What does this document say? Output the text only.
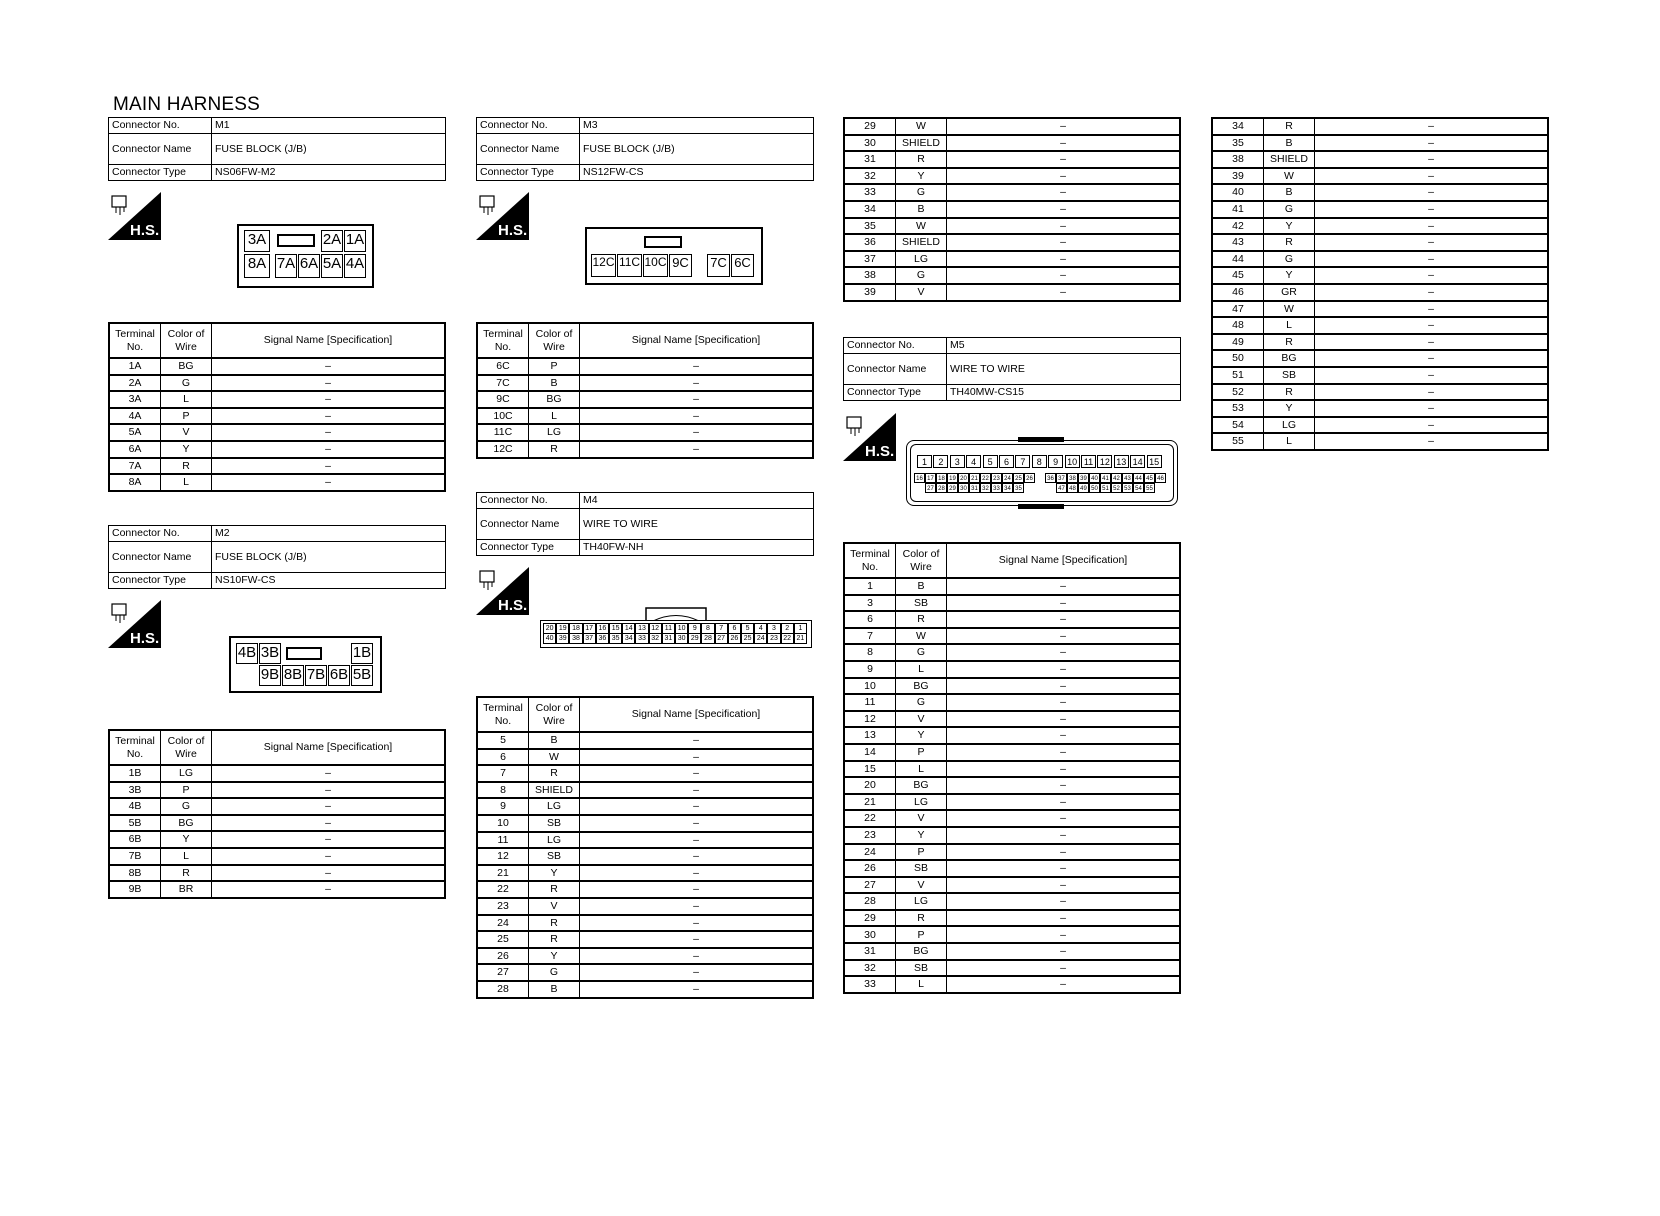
MAIN HARNESS
Connector No.	M1
Connector Name	FUSE BLOCK (J/B)
Connector Type	NS06FW-M2
H.S.
3A	2A 1A
8A 7A 6A 5A 4A
Terminal No.	Color of Wire	Signal Name [Specification]
1A	BG	–
2A	G	–
3A	L	–
4A	P	–
5A	V	–
6A	Y	–
7A	R	–
8A	L	–
Connector No.	M2
Connector Name	FUSE BLOCK (J/B)
Connector Type	NS10FW-CS
H.S.
4B 3B	1B
9B 8B 7B 6B 5B
Terminal No.	Color of Wire	Signal Name [Specification]
1B	LG	–
3B	P	–
4B	G	–
5B	BG	–
6B	Y	–
7B	L	–
8B	R	–
9B	BR	–
Connector No.	M3
Connector Name	FUSE BLOCK (J/B)
Connector Type	NS12FW-CS
H.S.
12C 11C 10C 9C 7C 6C
Terminal No.	Color of Wire	Signal Name [Specification]
6C	P	–
7C	B	–
9C	BG	–
10C	L	–
11C	LG	–
12C	R	–
Connector No.	M4
Connector Name	WIRE TO WIRE
Connector Type	TH40FW-NH
H.S.
20 19 18 17 16 15 14 13 12 11 10	9	8	7	6	5	4	3	2	1
40 39 38 37 36 35 34 33 32 31 30 29 28 27 26 25 24 23 22 21
Terminal No.	Color of Wire	Signal Name [Specification]
5	B	–
6	W	–
7	R	–
8	SHIELD	–
9	LG	–
10	SB	–
11	LG	–
12	SB	–
21	Y	–
22	R	–
23	V	–
24	R	–
25	R	–
26	Y	–
27	G	–
28	B	–
29	W	–
30	SHIELD	–
31	R	–
32	Y	–
33	G	–
34	B	–
35	W	–
36	SHIELD	–
37	LG	–
38	G	–
39	V	–
Connector No.	M5
Connector Name	WIRE TO WIRE
Connector Type	TH40MW-CS15
H.S.
1	2	3	4	5	6	7	8	9 10 11 12 13 14 15
16 17 18 19 20 21 22 23 24 25 26	36 37 38 39 40 41 42 43 44 45 46
27 28 29 30 31 32 33 34 35	47 48 49 50 51 52 53 54 55
Terminal No.	Color of Wire	Signal Name [Specification]
1	B	–
3	SB	–
6	R	–
7	W	–
8	G	–
9	L	–
10	BG	–
11	G	–
12	V	–
13	Y	–
14	P	–
15	L	–
20	BG	–
21	LG	–
22	V	–
23	Y	–
24	P	–
26	SB	–
27	V	–
28	LG	–
29	R	–
30	P	–
31	BG	–
32	SB	–
33	L	–
34	R	–
35	B	–
38	SHIELD	–
39	W	–
40	B	–
41	G	–
42	Y	–
43	R	–
44	G	–
45	Y	–
46	GR	–
47	W	–
48	L	–
49	R	–
50	BG	–
51	SB	–
52	R	–
53	Y	–
54	LG	–
55	L	–
